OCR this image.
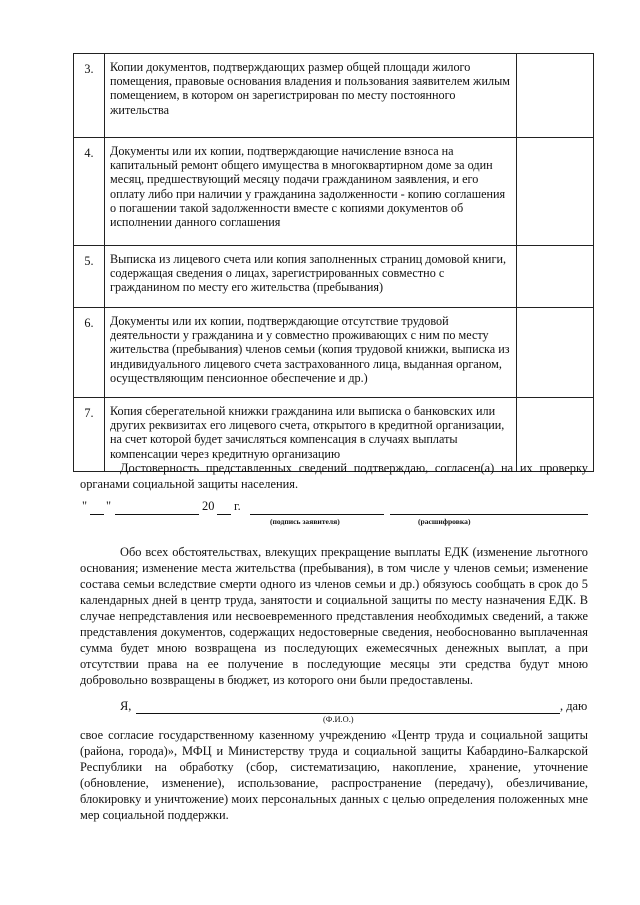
3.	Копии документов, подтверждающих размер общей площади жилого помещения, правовые основания владения и пользования заявителем жилым помещением, в котором он зарегистрирован по месту постоянного жительства	
4.	Документы или их копии, подтверждающие начисление взноса на капитальный ремонт общего имущества в многоквартирном доме за один месяц, предшествующий месяцу подачи гражданином заявления, и его оплату либо при наличии у гражданина задолженности - копию соглашения о погашении такой задолженности вместе с копиями документов об исполнении данного соглашения	
5.	Выписка из лицевого счета или копия заполненных страниц домовой книги, содержащая сведения о лицах, зарегистрированных совместно с гражданином по месту его жительства (пребывания)	
6.	Документы или их копии, подтверждающие отсутствие трудовой деятельности у гражданина и у совместно проживающих с ним по месту жительства (пребывания) членов семьи (копия трудовой книжки, выписка из индивидуального лицевого счета застрахованного лица, выданная органом, осуществляющим пенсионное обеспечение и др.)	
7.	Копия сберегательной книжки гражданина или выписка о банковских или других реквизитах его лицевого счета, открытого в кредитной организации, на счет которой будет зачисляться компенсация в случаях выплаты компенсации через кредитную организацию	
Достоверность представленных сведений подтверждаю, согласен(а) на их проверку органами социальной защиты населения.
" "	20 г.
(подпись заявителя)	(расшифровка)
Обо всех обстоятельствах, влекущих прекращение выплаты ЕДК (изменение льготного основания; изменение места жительства (пребывания), в том числе у членов семьи; изменение состава семьи вследствие смерти одного из членов семьи и др.) обязуюсь сообщать в срок до 5 календарных дней в центр труда, занятости и социальной защиты по месту назначения ЕДК. В случае непредставления или несвоевременного представления необходимых сведений, а также представления документов, содержащих недостоверные сведения, необоснованно выплаченная сумма будет мною возвращена из последующих ежемесячных денежных выплат, а при отсутствии права на ее получение в последующие месяцы эти средства будут мною добровольно возвращены в бюджет, из которого они были предоставлены.
Я,
(Ф.И.О.)
, даю
свое согласие государственному казенному учреждению «Центр труда и социальной защиты (района, города)», МФЦ и Министерству труда и социальной защиты Кабардино-Балкарской Республики на обработку (сбор, систематизацию, накопление, хранение, уточнение (обновление, изменение), использование, распространение (передачу), обезличивание, блокировку и уничтожение) моих персональных данных с целью определения положенных мне мер социальной поддержки.
